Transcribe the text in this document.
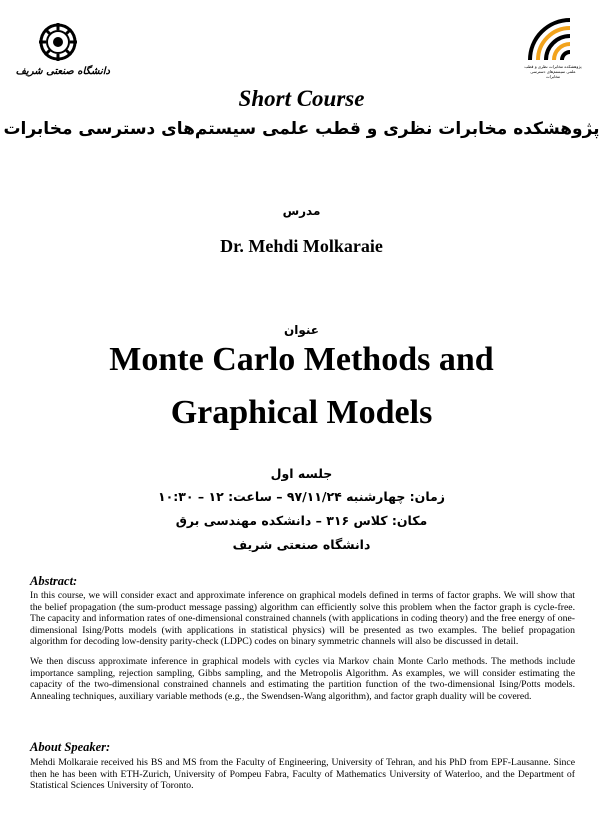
دانشگاه صنعتی شریف	پژوهشکده مخابرات نظری و قطب علمی سیستم‌های دسترسی مخابرات
Short Course
پژوهشکده مخابرات نظری و قطب علمی سیستم‌های دسترسی مخابرات
مدرس
Dr. Mehdi Molkaraie
عنوان
Monte Carlo Methods and
Graphical Models
جلسه اول
زمان: چهارشنبه ۹۷/۱۱/۲۴ – ساعت: ۱۲ – ۱۰:۳۰
مکان: کلاس ۳۱۶ – دانشکده مهندسی برق
دانشگاه صنعتی شریف
Abstract:

In this course, we will consider exact and approximate inference on graphical models defined in terms of factor graphs. We will show that the belief propagation (the sum-product message passing) algorithm can efficiently solve this problem when the factor graph is cycle-free. The capacity and information rates of one-dimensional constrained channels (with applications in coding theory) and the free energy of one-dimensional Ising/Potts models (with applications in statistical physics) will be presented as two examples. The belief propagation algorithm for decoding low-density parity-check (LDPC) codes on binary symmetric channels will also be discussed in detail.

We then discuss approximate inference in graphical models with cycles via Markov chain Monte Carlo methods. The methods include importance sampling, rejection sampling, Gibbs sampling, and the Metropolis Algorithm. As examples, we will consider estimating the capacity of the two-dimensional constrained channels and estimating the partition function of the two-dimensional Ising/Potts models. Annealing techniques, auxiliary variable methods (e.g., the Swendsen-Wang algorithm), and factor graph duality will be covered.

About Speaker:

Mehdi Molkaraie received his BS and MS from the Faculty of Engineering, University of Tehran, and his PhD from EPF-Lausanne. Since then he has been with ETH-Zurich, University of Pompeu Fabra, Faculty of Mathematics University of Waterloo, and the Department of Statistical Sciences University of Toronto.
